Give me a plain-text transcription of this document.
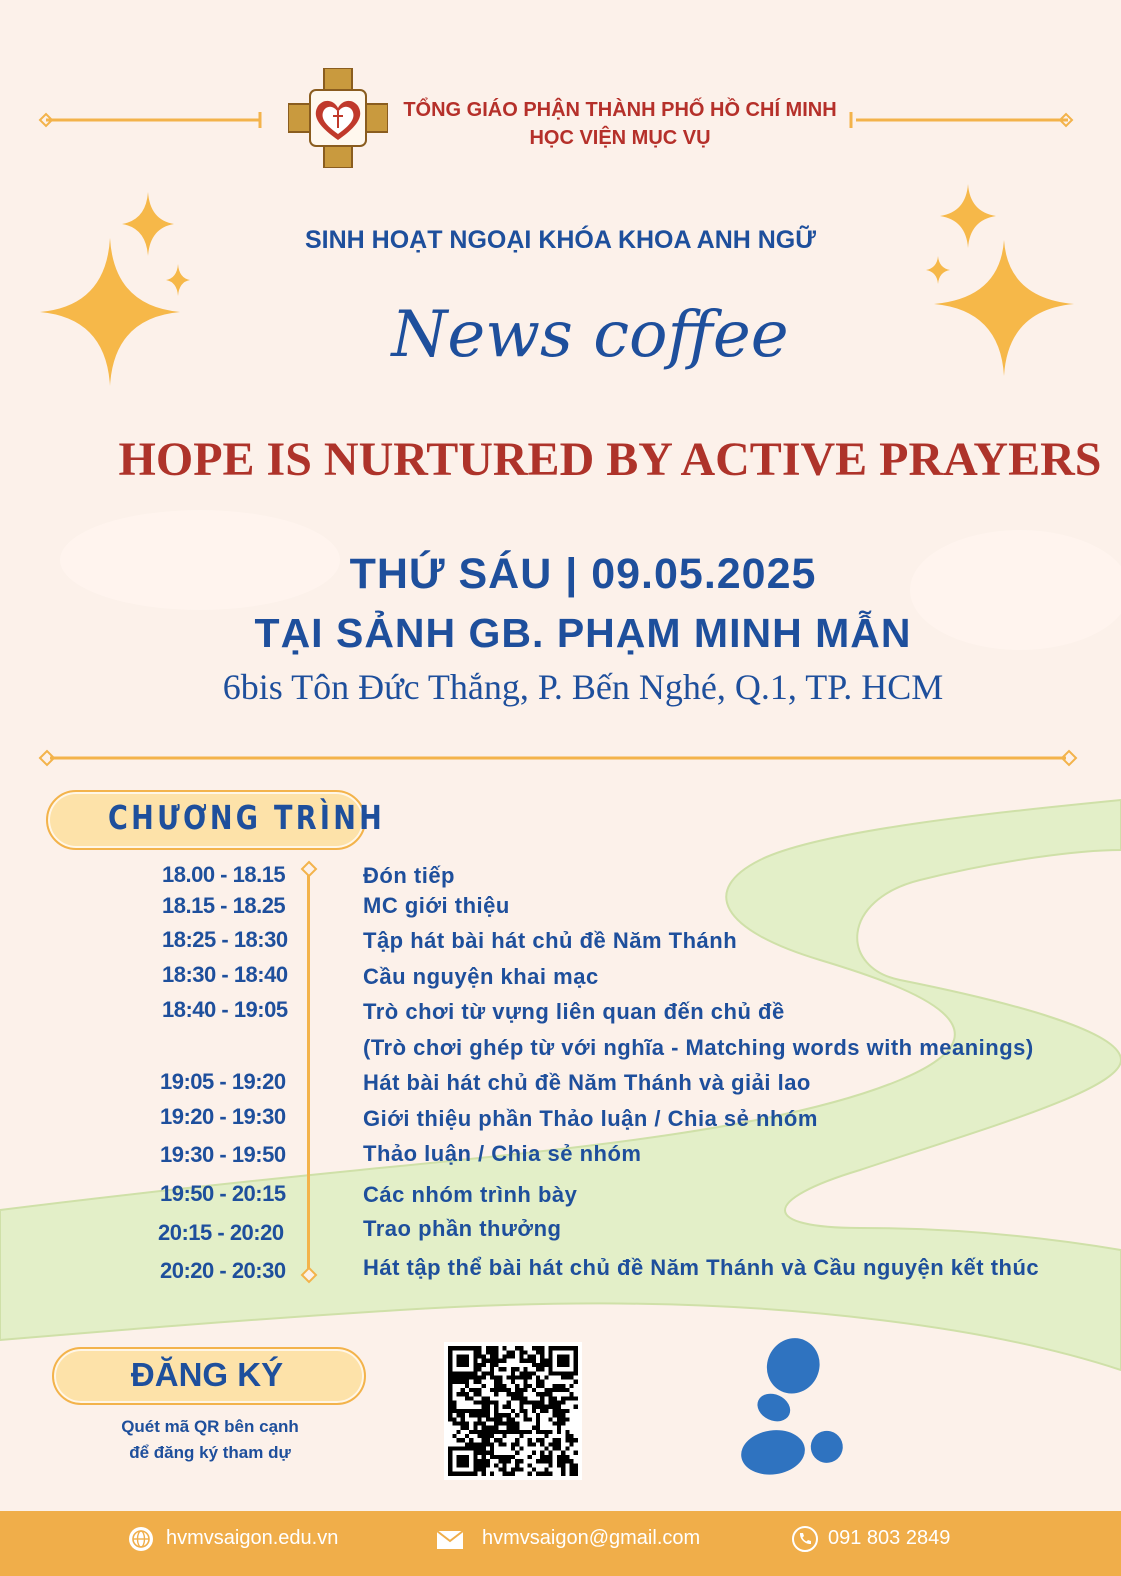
TỔNG GIÁO PHẬN THÀNH PHỐ HỒ CHÍ MINH
HỌC VIỆN MỤC VỤ
SINH HOẠT NGOẠI KHÓA KHOA ANH NGỮ
News coffee
HOPE IS NURTURED BY ACTIVE PRAYERS
THỨ SÁU | 09.05.2025
TẠI SẢNH GB. PHẠM MINH MẪN
6bis Tôn Đức Thắng, P. Bến Nghé, Q.1, TP. HCM
CHƯƠNG TRÌNH
18.00 - 18.15	Đón tiếp
18.15 - 18.25	MC giới thiệu
18:25 - 18:30	Tập hát bài hát chủ đề Năm Thánh
18:30 - 18:40	Cầu nguyện khai mạc
18:40 - 19:05	Trò chơi từ vựng liên quan đến chủ đề
(Trò chơi ghép từ với nghĩa - Matching words with meanings)
19:05 - 19:20	Hát bài hát chủ đề Năm Thánh và giải lao
19:20 - 19:30	Giới thiệu phần Thảo luận / Chia sẻ nhóm
19:30 - 19:50	Thảo luận / Chia sẻ nhóm
19:50 - 20:15	Các nhóm trình bày
20:15 - 20:20	Trao phần thưởng
20:20 - 20:30	Hát tập thể bài hát chủ đề Năm Thánh và Cầu nguyện kết thúc
ĐĂNG KÝ
Quét mã QR bên cạnh
để đăng ký tham dự
hvmvsaigon.edu.vn	hvmvsaigon@gmail.com	091 803 2849
